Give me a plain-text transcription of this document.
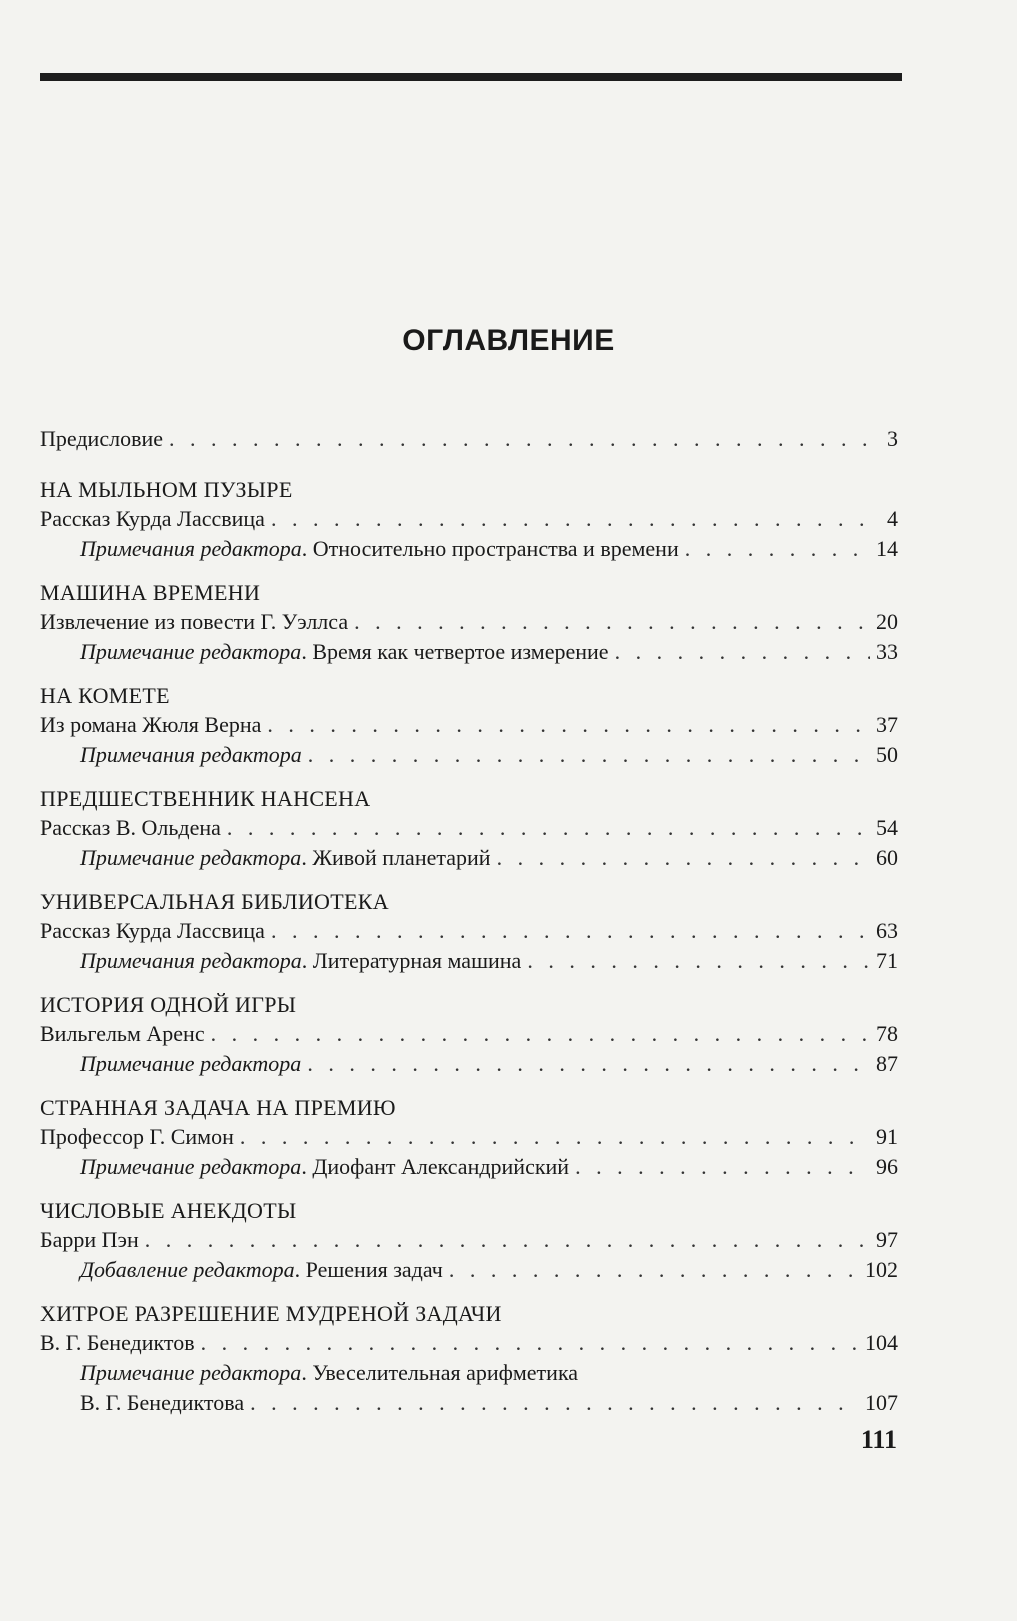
ОГЛАВЛЕНИЕ
Предисловие . . .	3
НА МЫЛЬНОМ ПУЗЫРЕ
Рассказ Курда Лассвица . . .	4
Примечания редактора. Относительно пространства и времени . . .	14
МАШИНА ВРЕМЕНИ
Извлечение из повести Г. Уэллса . . .	20
Примечание редактора. Время как четвертое измерение . . .	33
НА КОМЕТЕ
Из романа Жюля Верна . . .	37
Примечания редактора . . .	50
ПРЕДШЕСТВЕННИК НАНСЕНА
Рассказ В. Ольдена . . .	54
Примечание редактора. Живой планетарий . . .	60
УНИВЕРСАЛЬНАЯ БИБЛИОТЕКА
Рассказ Курда Лассвица . . .	63
Примечания редактора. Литературная машина . . .	71
ИСТОРИЯ ОДНОЙ ИГРЫ
Вильгельм Аренс . . .	78
Примечание редактора . . .	87
СТРАННАЯ ЗАДАЧА НА ПРЕМИЮ
Профессор Г. Симон . . .	91
Примечание редактора. Диофант Александрийский . . .	96
ЧИСЛОВЫЕ АНЕКДОТЫ
Барри Пэн . . .	97
Добавление редактора. Решения задач . . .	102
ХИТРОЕ РАЗРЕШЕНИЕ МУДРЕНОЙ ЗАДАЧИ
В. Г. Бенедиктов . . .	104
Примечание редактора. Увеселительная арифметика
В. Г. Бенедиктова . . .	107
111
